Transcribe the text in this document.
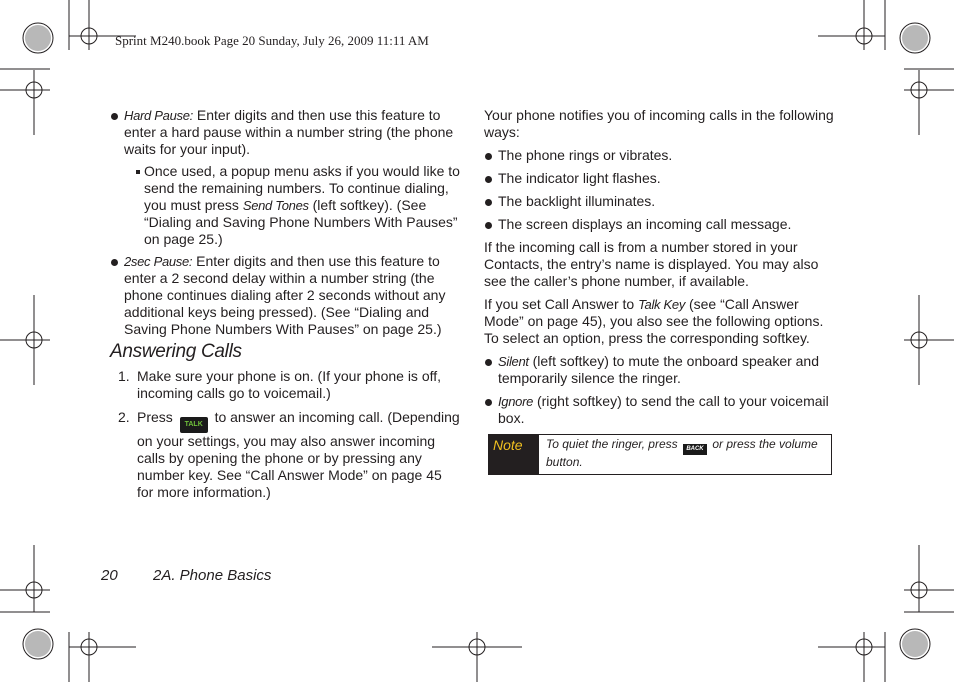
Sprint M240.book Page 20 Sunday, July 26, 2009 11:11 AM
Hard Pause: Enter digits and then use this feature to enter a hard pause within a number string (the phone waits for your input).
Once used, a popup menu asks if you would like to send the remaining numbers. To continue dialing, you must press Send Tones (left softkey). (See “Dialing and Saving Phone Numbers With Pauses” on page 25.)
2sec Pause: Enter digits and then use this feature to enter a 2 second delay within a number string (the phone continues dialing after 2 seconds without any additional keys being pressed). (See “Dialing and Saving Phone Numbers With Pauses” on page 25.)
Answering Calls
1. Make sure your phone is on. (If your phone is off, incoming calls go to voicemail.)
2. Press TALK to answer an incoming call. (Depending on your settings, you may also answer incoming calls by opening the phone or by pressing any number key. See “Call Answer Mode” on page 45 for more information.)
Your phone notifies you of incoming calls in the following ways:
The phone rings or vibrates.
The indicator light flashes.
The backlight illuminates.
The screen displays an incoming call message.
If the incoming call is from a number stored in your Contacts, the entry’s name is displayed. You may also see the caller’s phone number, if available.
If you set Call Answer to Talk Key (see “Call Answer Mode” on page 45), you also see the following options. To select an option, press the corresponding softkey.
Silent (left softkey) to mute the onboard speaker and temporarily silence the ringer.
Ignore (right softkey) to send the call to your voicemail box.
Note	To quiet the ringer, press BACK or press the volume button.
20 2A. Phone Basics
